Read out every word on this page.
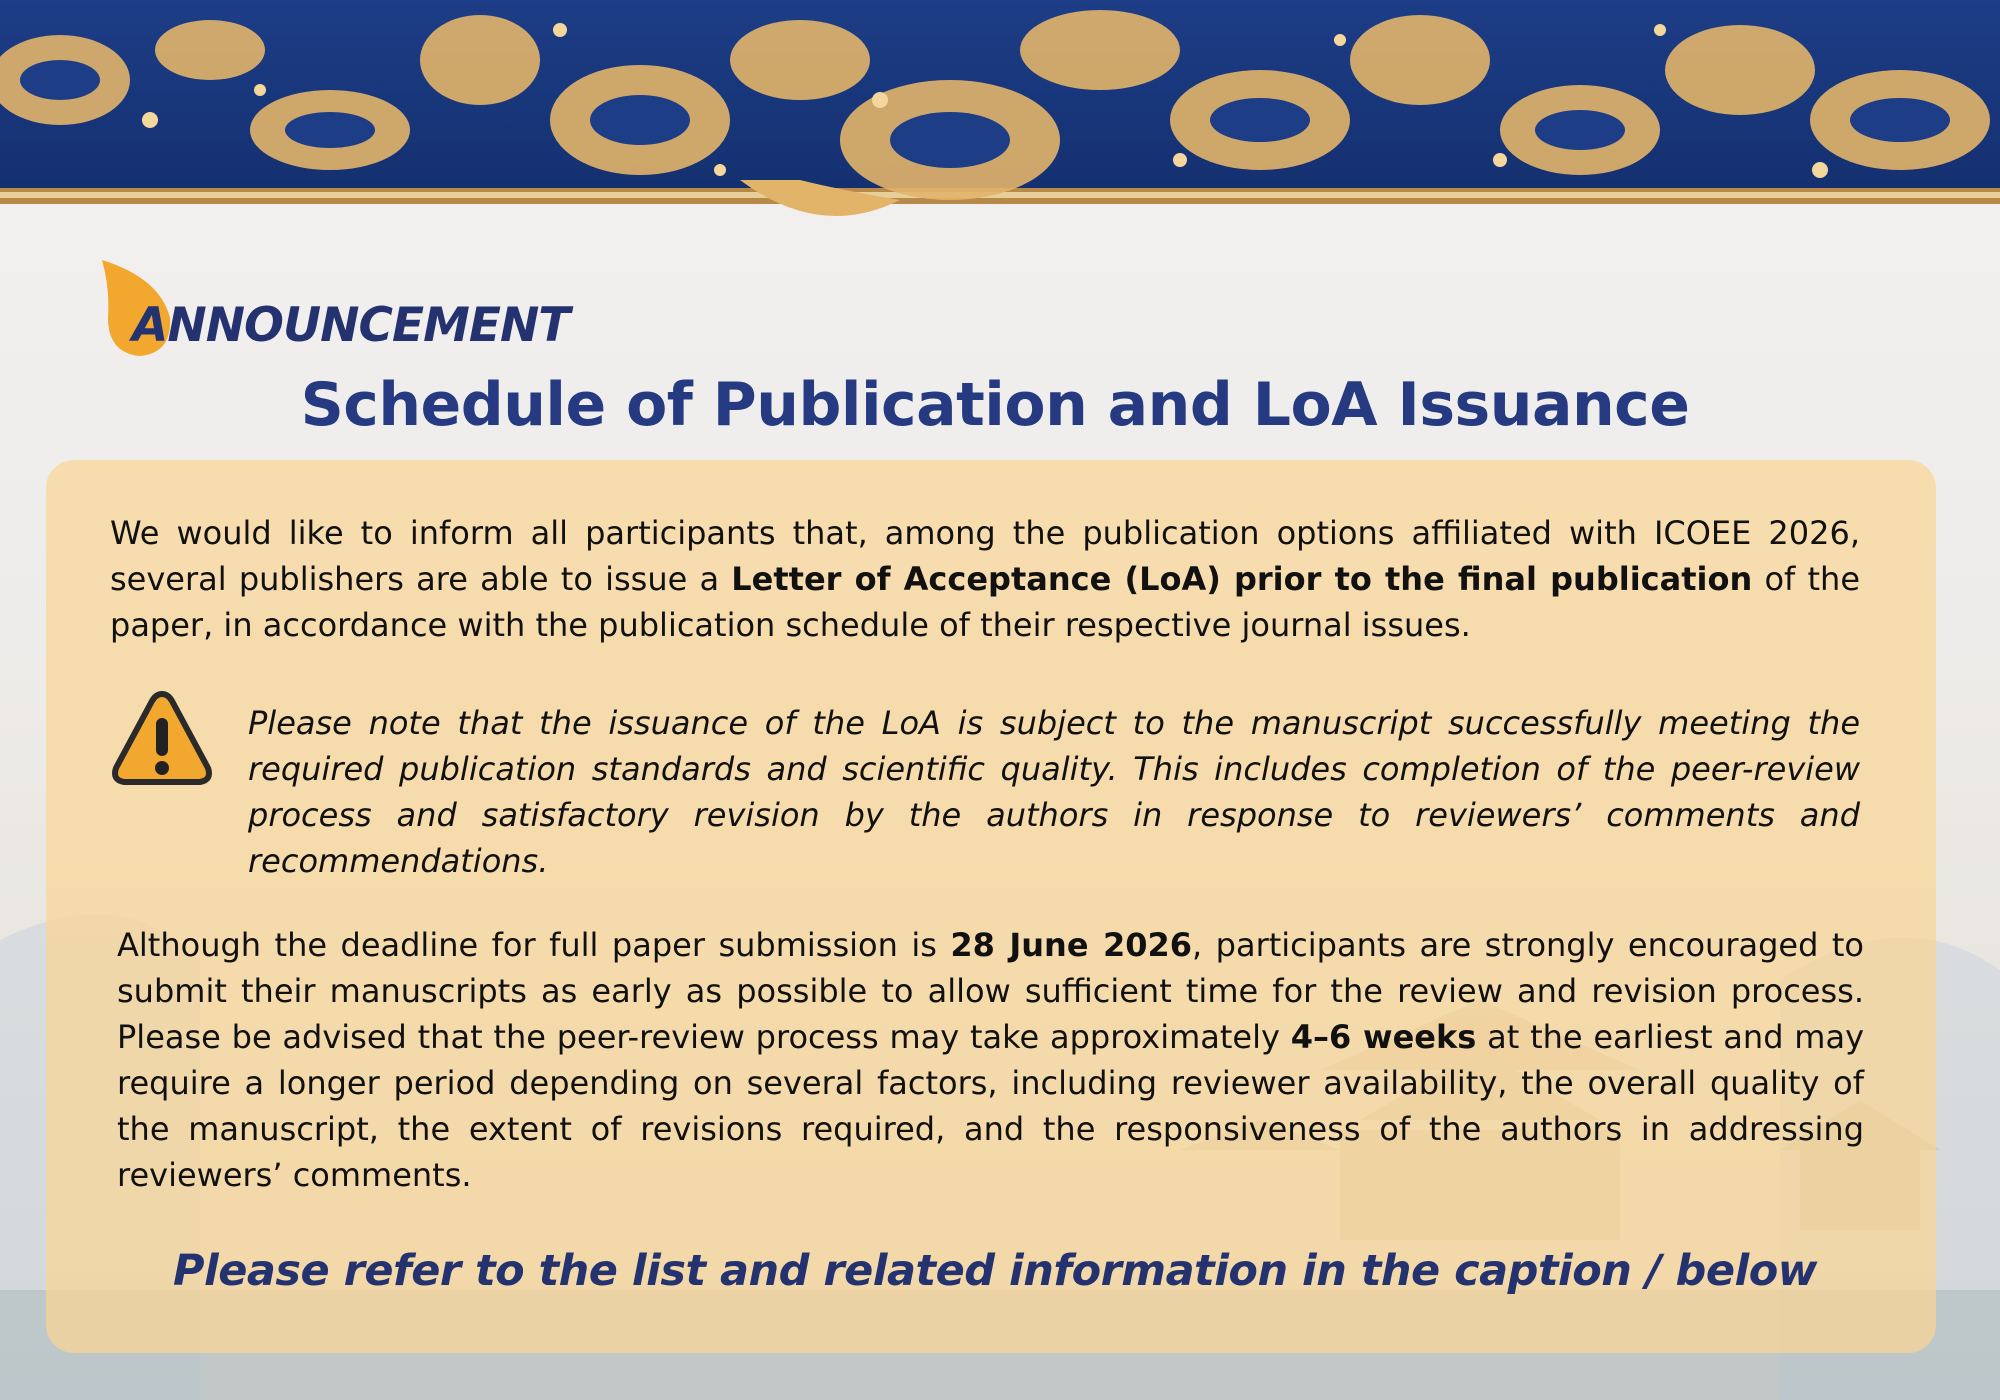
ANNOUNCEMENT
Schedule of Publication and LoA Issuance

We would like to inform all participants that, among the publication options affiliated with ICOEE 2026, several publishers are able to issue a Letter of Acceptance (LoA) prior to the final publication of the paper, in accordance with the publication schedule of their respective journal issues.

Please note that the issuance of the LoA is subject to the manuscript successfully meeting the required publication standards and scientific quality. This includes completion of the peer-review process and satisfactory revision by the authors in response to reviewers’ comments and recommendations.

Although the deadline for full paper submission is 28 June 2026, participants are strongly encouraged to submit their manuscripts as early as possible to allow sufficient time for the review and revision process. Please be advised that the peer-review process may take approximately 4–6 weeks at the earliest and may require a longer period depending on several factors, including reviewer availability, the overall quality of the manuscript, the extent of revisions required, and the responsiveness of the authors in addressing reviewers’ comments.

Please refer to the list and related information in the caption / below
